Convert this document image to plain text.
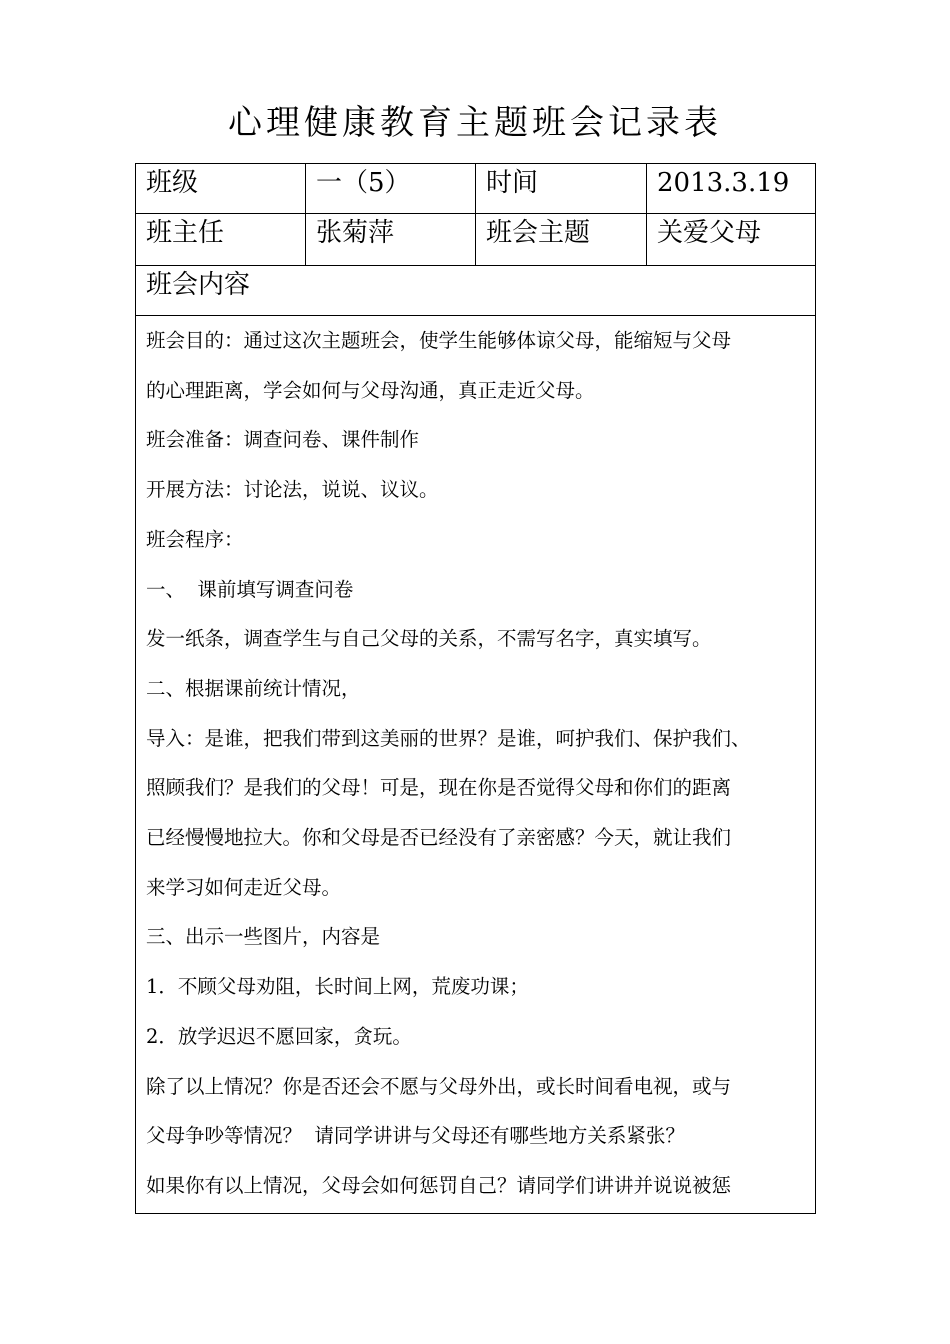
心理健康教育主题班会记录表
班级	一（5）	时间	2013.3.19
班主任	张菊萍	班会主题	关爱父母
班会内容

班会目的：通过这次主题班会，使学生能够体谅父母，能缩短与父母

的心理距离，学会如何与父母沟通，真正走近父母。

班会准备：调查问卷、课件制作

开展方法：讨论法，说说、议议。

班会程序：

一、  课前填写调查问卷

发一纸条，调查学生与自己父母的关系，不需写名字，真实填写。

二、根据课前统计情况，

导入：是谁，把我们带到这美丽的世界？是谁，呵护我们、保护我们、

照顾我们？是我们的父母！可是，现在你是否觉得父母和你们的距离

已经慢慢地拉大。你和父母是否已经没有了亲密感？今天，就让我们

来学习如何走近父母。

三、出示一些图片，内容是

1．不顾父母劝阻，长时间上网，荒废功课；

2．放学迟迟不愿回家，贪玩。

除了以上情况？你是否还会不愿与父母外出，或长时间看电视，或与

父母争吵等情况？  请同学讲讲与父母还有哪些地方关系紧张？

如果你有以上情况，父母会如何惩罚自己？请同学们讲讲并说说被惩
